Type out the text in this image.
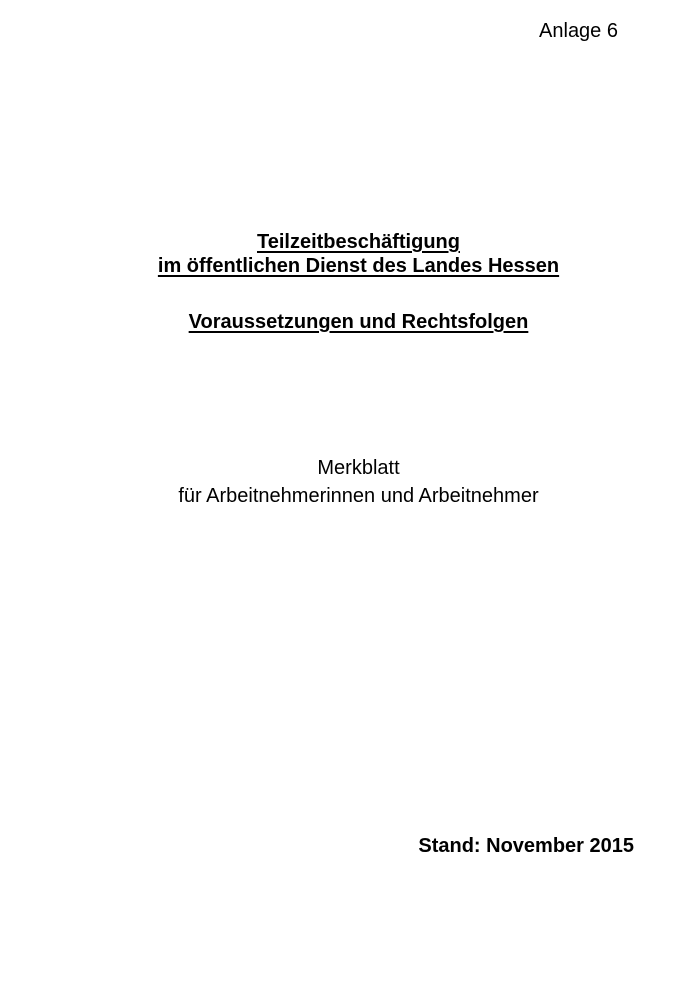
Anlage 6
Teilzeitbeschäftigung
im öffentlichen Dienst des Landes Hessen
Voraussetzungen und Rechtsfolgen
Merkblatt
für Arbeitnehmerinnen und Arbeitnehmer
Stand: November 2015
